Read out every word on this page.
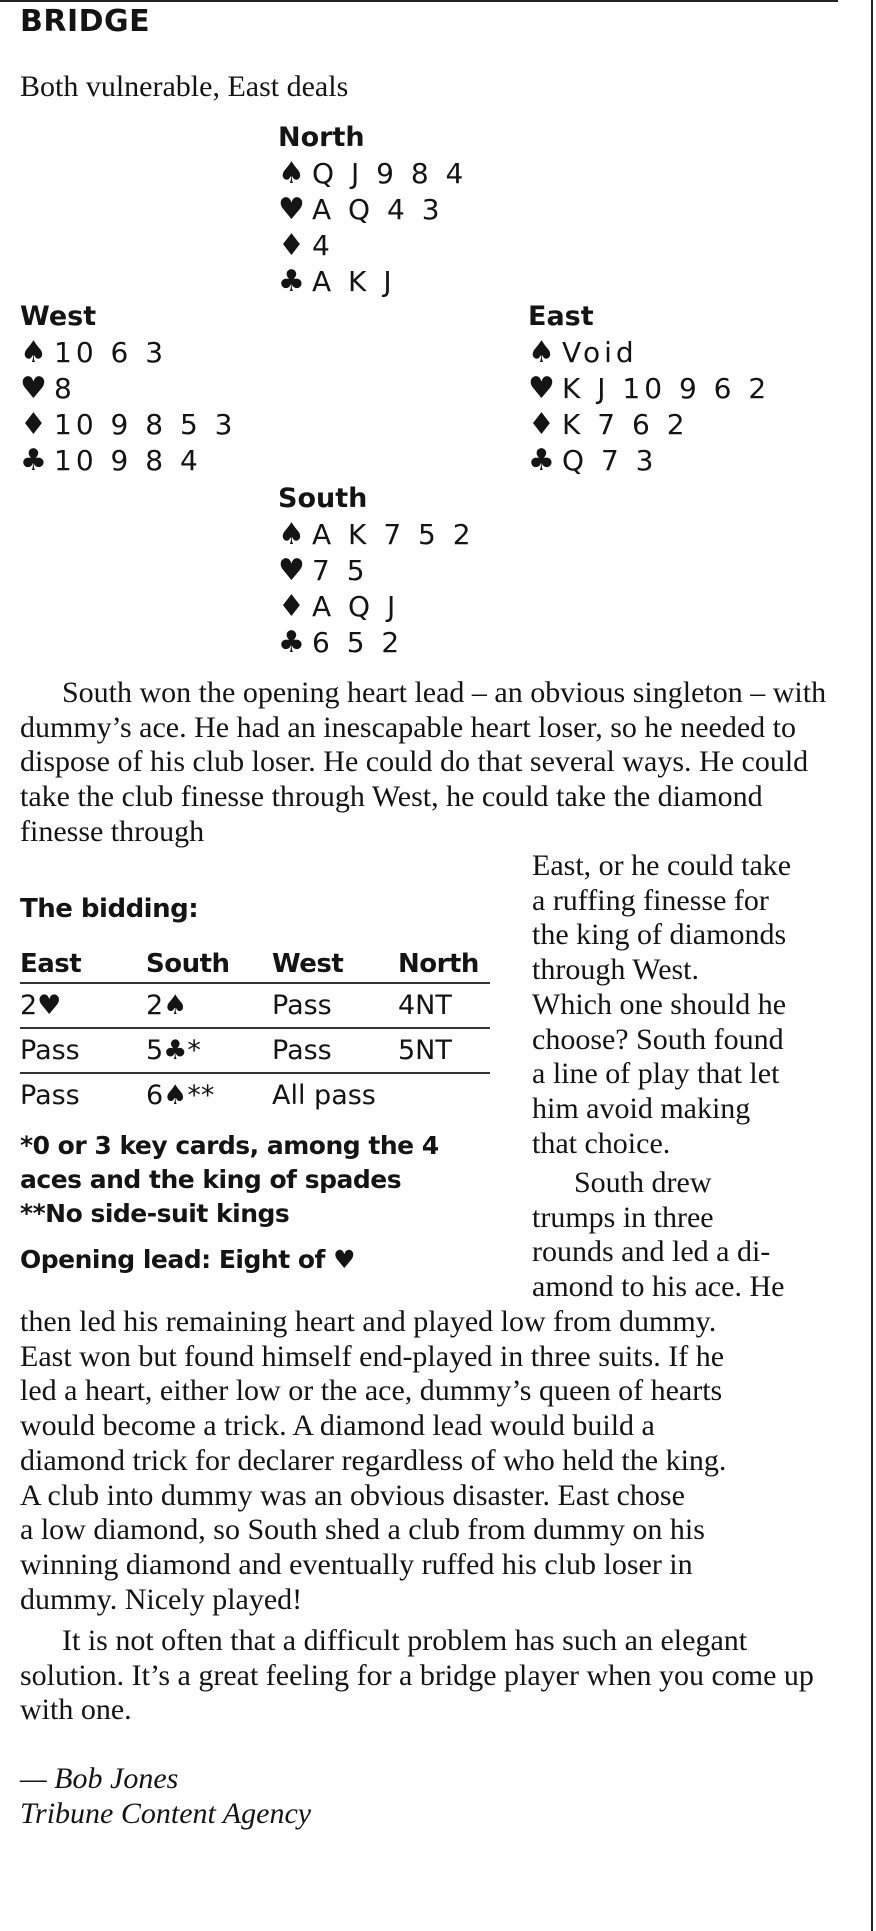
BRIDGE
Both vulnerable, East deals
North
♠ Q J 9 8 4
♥ A Q 4 3
♦ 4
♣ A K J
West
♠ 10 6 3
♥ 8
♦ 10 9 8 5 3
♣ 10 9 8 4
East
♠ Void
♥ K J 10 9 6 2
♦ K 7 6 2
♣ Q 7 3
South
♠ A K 7 5 2
♥ 7 5
♦ A Q J
♣ 6 5 2
South won the opening heart lead – an obvious singleton – with dummy’s ace. He had an inescapable heart loser, so he needed to dispose of his club loser. He could do that several ways. He could take the club finesse through West, he could take the diamond finesse through
East, or he could take
a ruffing finesse for
the king of diamonds
through West.
Which one should he
choose? South found
a line of play that let
him avoid making
that choice.
The bidding:
East	South	West	North
2♥	2♠	Pass	4NT
Pass	5♣*	Pass	5NT
Pass	6♠**	All pass	
*0 or 3 key cards, among the 4
aces and the king of spades
**No side-suit kings
Opening lead: Eight of ♥
South drew
trumps in three
rounds and led a di-
amond to his ace. He
then led his remaining heart and played low from dummy.
East won but found himself end-played in three suits. If he
led a heart, either low or the ace, dummy’s queen of hearts
would become a trick. A diamond lead would build a
diamond trick for declarer regardless of who held the king.
A club into dummy was an obvious disaster. East chose
a low diamond, so South shed a club from dummy on his
winning diamond and eventually ruffed his club loser in
dummy. Nicely played!
It is not often that a difficult problem has such an elegant solution. It’s a great feeling for a bridge player when you come up with one.
— Bob Jones
Tribune Content Agency
